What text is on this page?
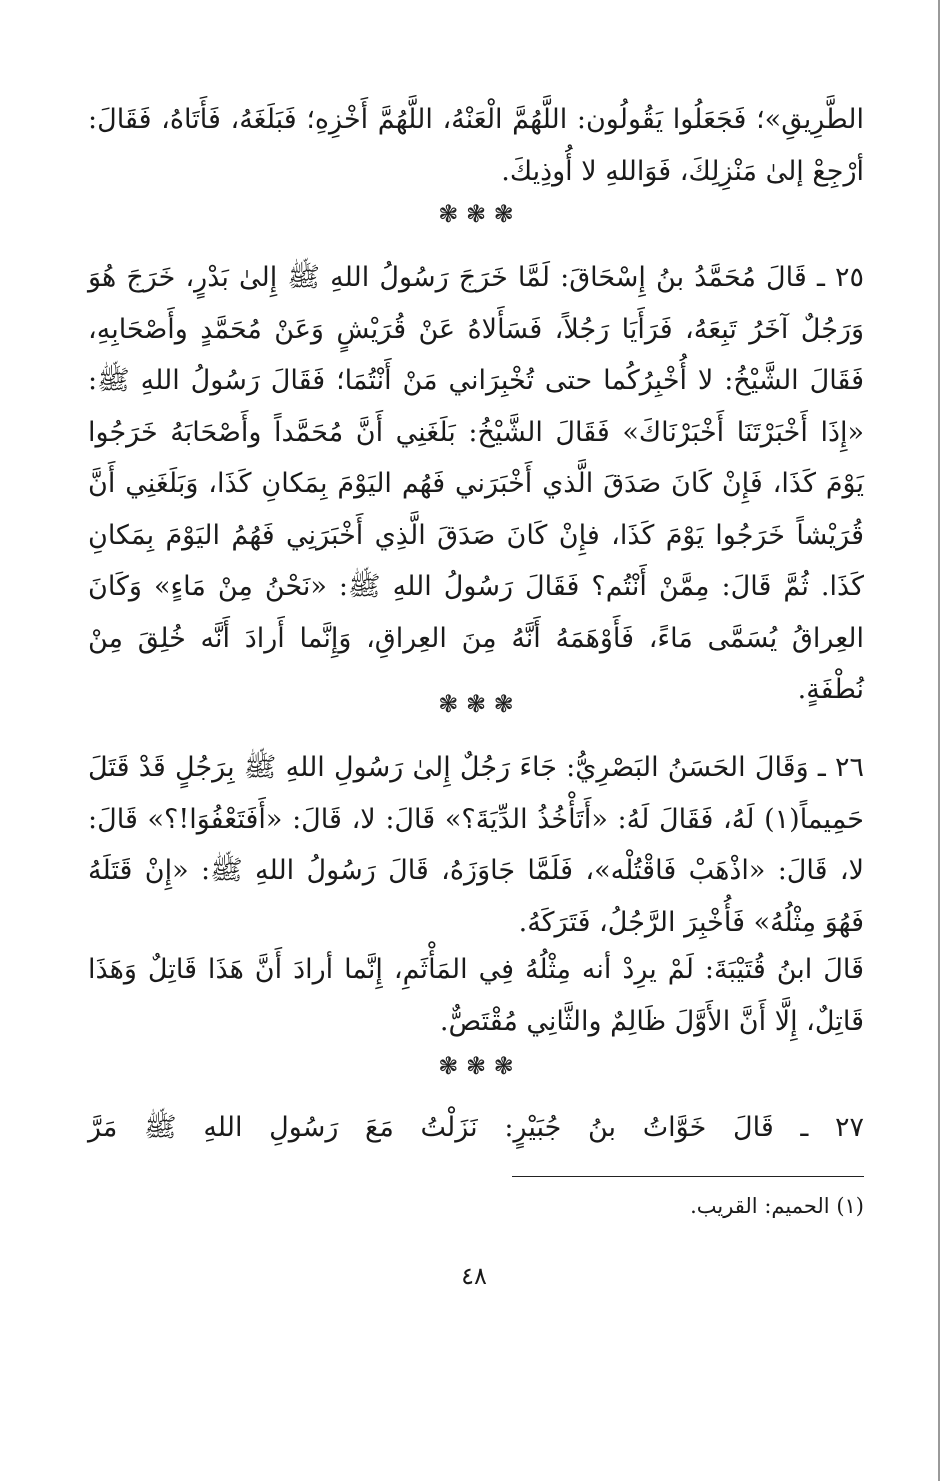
الطَّرِيقِ»؛ فَجَعَلُوا يَقُولُون: اللَّهُمَّ الْعَنْهُ، اللَّهُمَّ أَخْزِهِ؛ فَبَلَغَهُ، فَأَتَاهُ، فَقَالَ: أرْجِعْ إلىٰ مَنْزِلِكَ، فَوَاللهِ لا أُوذِيكَ.

❃ ❃ ❃

٢٥ ـ قَالَ مُحَمَّدُ بنُ إِسْحَاقَ: لَمَّا خَرَجَ رَسُولُ اللهِ ﷺ إِلىٰ بَدْرٍ، خَرَجَ هُوَ وَرَجُلٌ آخَرُ تَبِعَهُ، فَرَأَيَا رَجُلاً، فَسَأَلاهُ عَنْ قُرَيْشٍ وَعَنْ مُحَمَّدٍ وأَصْحَابِهِ، فَقَالَ الشَّيْخُ: لا أُخْبِرُكُما حتى تُخْبِرَاني مَنْ أَنْتُمَا؛ فَقَالَ رَسُولُ اللهِ ﷺ: «إِذَا أَخْبَرْتَنَا أَخْبَرْنَاكَ» فَقَالَ الشَّيْخُ: بَلَغَنِي أَنَّ مُحَمَّداً وأَصْحَابَهُ خَرَجُوا يَوْمَ كَذَا، فَإِنْ كَانَ صَدَقَ الَّذي أَخْبَرَني فَهُم اليَوْمَ بِمَكانِ كَذَا، وَبَلَغَنِي أَنَّ قُرَيْشاً خَرَجُوا يَوْمَ كَذَا، فإِنْ كَانَ صَدَقَ الَّذِي أَخْبَرَنِي فَهُمُ اليَوْمَ بِمَكانِ كَذَا. ثُمَّ قَالَ: مِمَّنْ أَنْتُم؟ فَقَالَ رَسُولُ اللهِ ﷺ: «نَحْنُ مِنْ مَاءٍ» وَكَانَ العِراقُ يُسَمَّى مَاءً، فَأَوْهَمَهُ أَنَّهُ مِنَ العِراقِ، وَإِنَّما أَرادَ أَنَّه خُلِقَ مِنْ نُطْفَةٍ.

❃ ❃ ❃

٢٦ ـ وَقَالَ الحَسَنُ البَصْرِيُّ: جَاءَ رَجُلٌ إِلىٰ رَسُولِ اللهِ ﷺ بِرَجُلٍ قَدْ قَتَلَ حَمِيماً(١) لَهُ، فَقَالَ لَهُ: «أَتَأْخُذُ الدِّيَةَ؟» قَالَ: لا، قَالَ: «أَفَتَعْفُوَا!؟» قَالَ: لا، قَالَ: «اذْهَبْ فَاقْتُلْه»، فَلَمَّا جَاوَزَهُ، قَالَ رَسُولُ اللهِ ﷺ: «إِنْ قَتَلَهُ فَهُوَ مِثْلُهُ» فَأُخْبِرَ الرَّجُلُ، فَتَرَكَهُ.

قَالَ ابنُ قُتَيْبَةَ: لَمْ يرِدْ أنه مِثْلُهُ فِي المَأْثَمِ، إِنَّما أرادَ أَنَّ هَذَا قَاتِلٌ وَهَذَا قَاتِلٌ، إِلَّا أَنَّ الأَوَّلَ ظَالِمٌ والثَّانِي مُقْتَصٌّ.

❃ ❃ ❃

٢٧ ـ قَالَ خَوَّاتُ بنُ جُبَيْرٍ: نَزَلْتُ مَعَ رَسُولِ اللهِ ﷺ مَرَّ

(١) الحميم: القريب.
٤٨
